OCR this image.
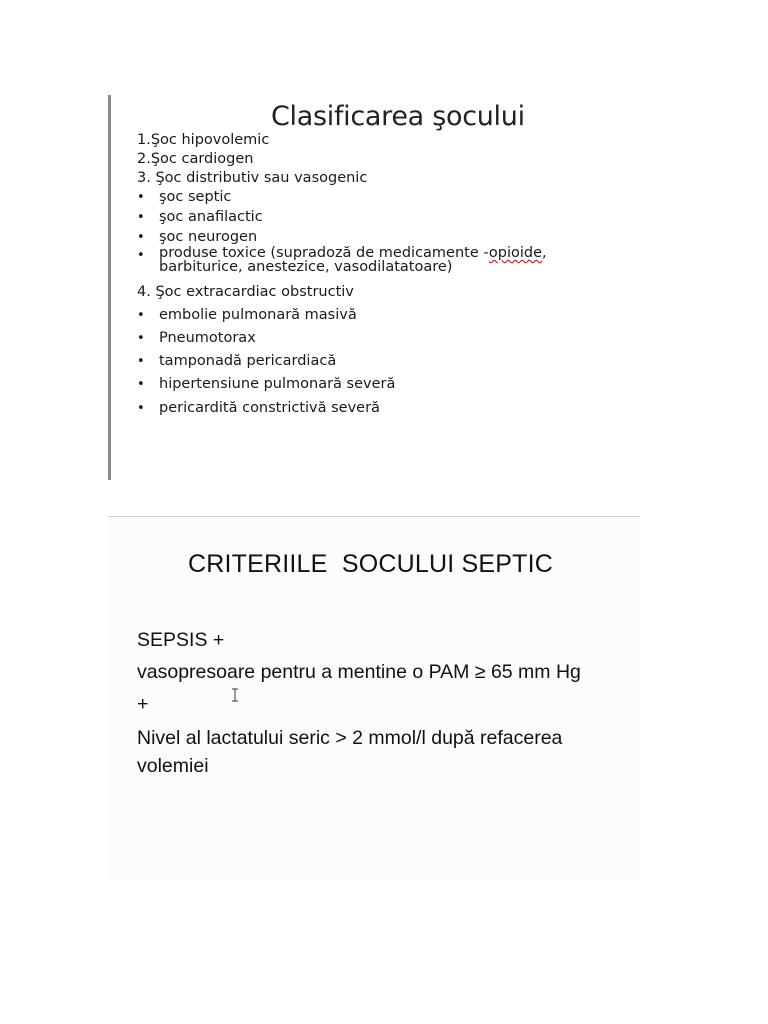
Clasificarea şocului
1.Şoc hipovolemic
2.Şoc cardiogen
3. Şoc distributiv sau vasogenic
• şoc septic
• şoc anafilactic
• şoc neurogen
• produse toxice (supradoză de medicamente -opioide,
barbiturice, anestezice, vasodilatatoare)
4. Şoc extracardiac obstructiv
• embolie pulmonară masivă
• Pneumotorax
• tamponadă pericardiacă
• hipertensiune pulmonară severă
• pericardită constrictivă severă
CRITERIILE  SOCULUI SEPTIC
SEPSIS +
vasopresoare pentru a mentine o PAM ≥ 65 mm Hg
+
Nivel al lactatului seric > 2 mmol/l după refacerea
volemiei
